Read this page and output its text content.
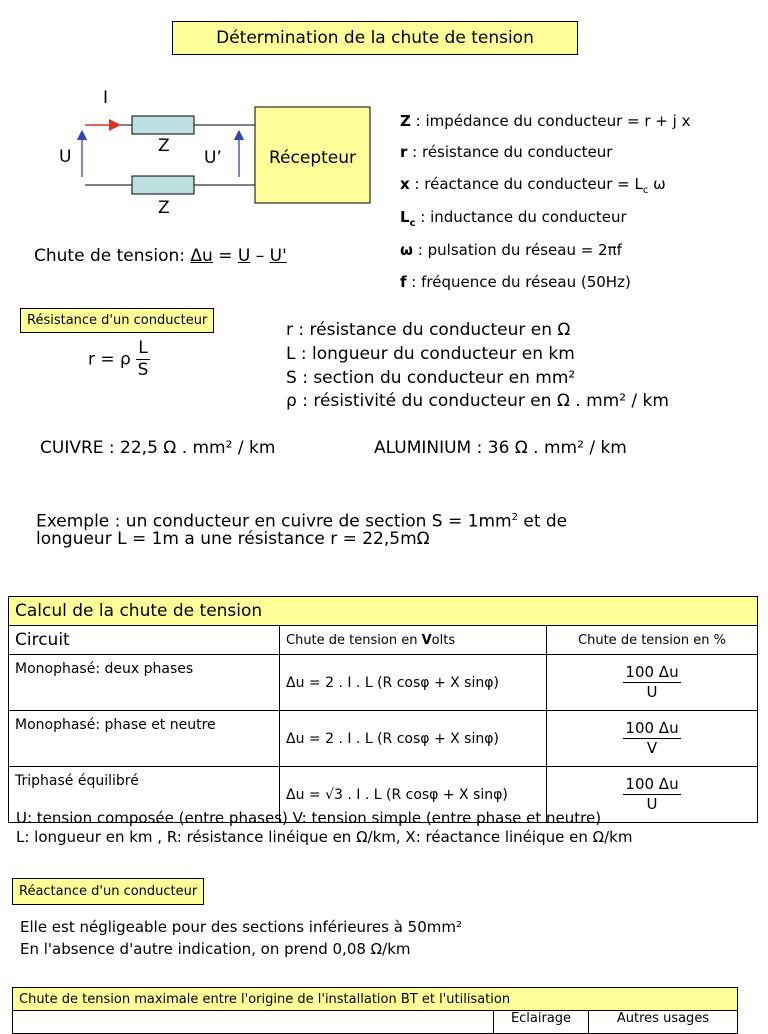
Détermination de la chute de tension
I
U
Z
U’
Z
Récepteur
Chute de tension: Δu = U – U'
Z : impédance du conducteur = r + j x
r : résistance du conducteur
x : réactance du conducteur = $L_c$ ω
$L_c$ : inductance du conducteur
ω : pulsation du réseau = 2πf
f : fréquence du réseau (50Hz)
Résistance d'un conducteur
r = ρ $\frac{L}{S}$
r : résistance du conducteur en Ω
L : longueur du conducteur en km
S : section du conducteur en mm²
ρ : résistivité du conducteur en Ω . mm² / km
CUIVRE : 22,5 Ω . mm² / km	ALUMINIUM : 36 Ω . mm² / km
Exemple : un conducteur en cuivre de section $S = 1mm^2$ et de
longueur L = 1m a une résistance r = 22,5mΩ
Calcul de la chute de tension		
Circuit	Chute de tension en Volts	Chute de tension en %
Monophasé: deux phases	Δu = 2 . I . L (R cosφ + X sinφ)	$\frac{100 \Delta u}{U}$

Monophasé: phase et neutre	Δu = 2 . I . L (R cosφ + X sinφ)	$\frac{100 \Delta u}{V}$

Triphasé équilibré	Δu = √3 . I . L (R cosφ + X sinφ)	$\frac{100 \Delta u}{U}$
U: tension composée (entre phases) V: tension simple (entre phase et neutre)
L: longueur en km , R: résistance linéique en Ω/km, X: réactance linéique en Ω/km
Réactance d'un conducteur
Elle est négligeable pour des sections inférieures à 50mm²
En l'absence d'autre indication, on prend 0,08 Ω/km
Chute de tension maximale entre l'origine de l'installation BT et l'utilisation
	Eclairage	Autres usages
